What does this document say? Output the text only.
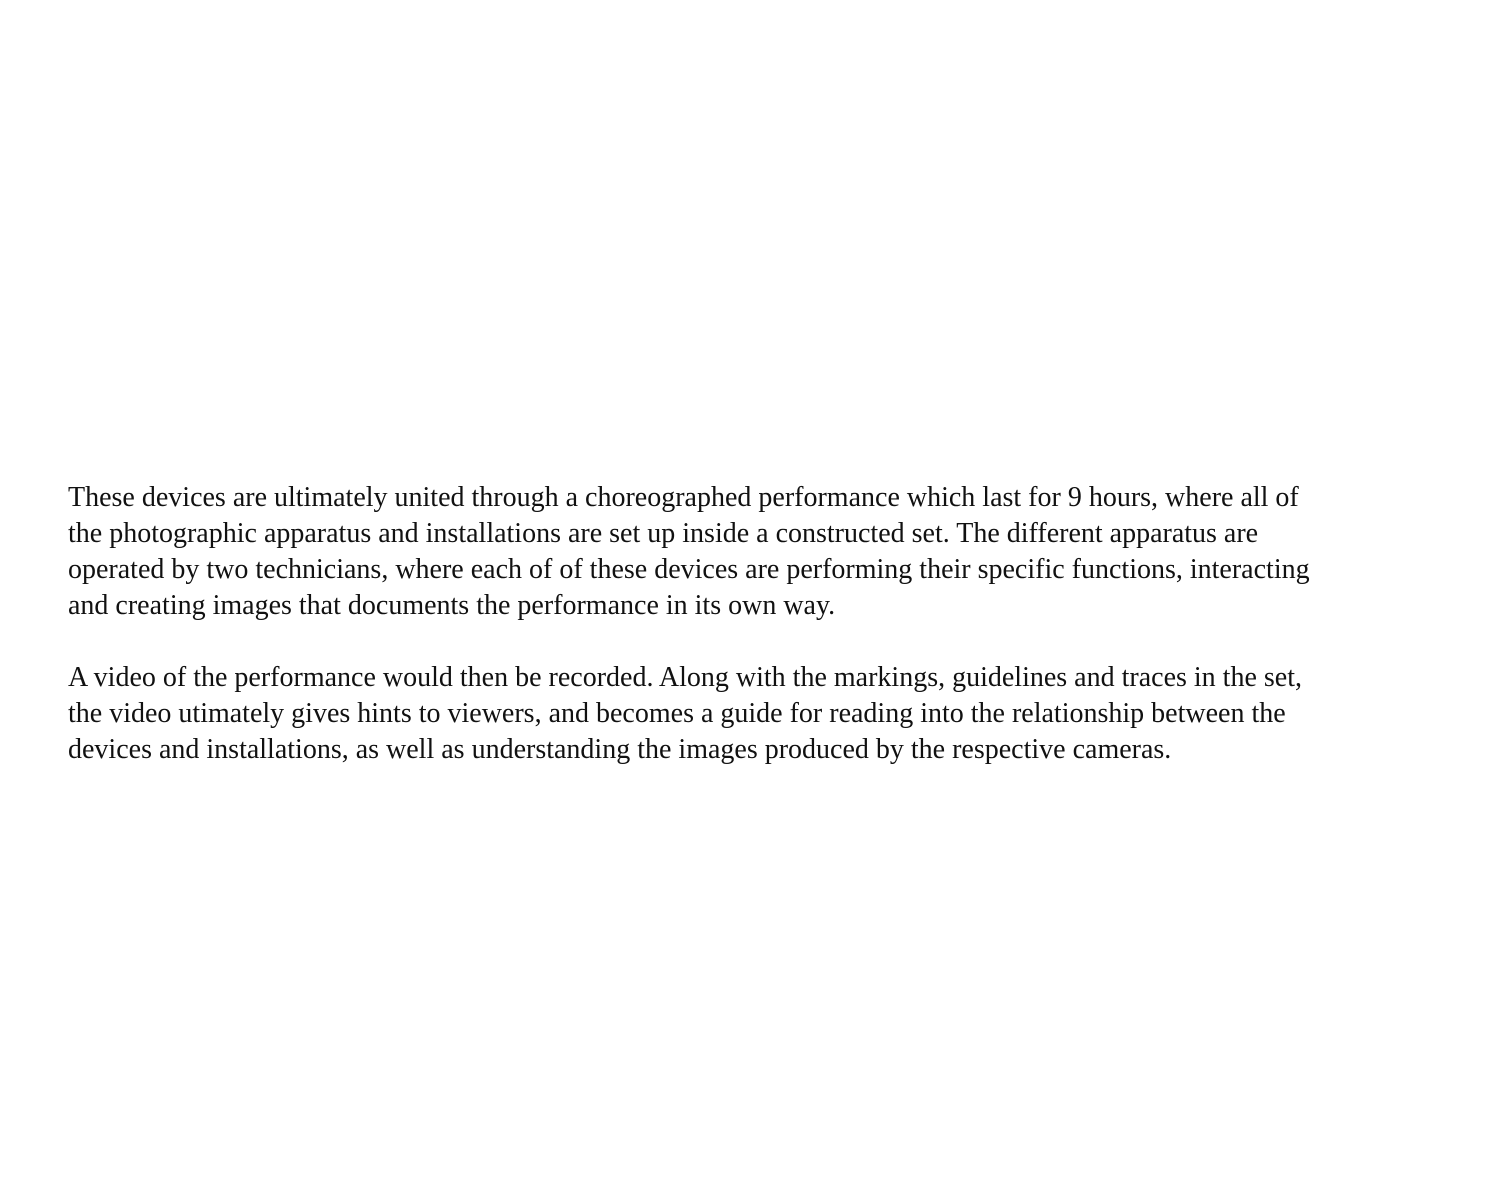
These devices are ultimately united through a choreographed performance which last for 9 hours, where all of
the photographic apparatus and installations are set up inside a constructed set. The different apparatus are
operated by two technicians, where each of of these devices are performing their specific functions, interacting
and creating images that documents the performance in its own way.

A video of the performance would then be recorded. Along with the markings, guidelines and traces in the set,
the video utimately gives hints to viewers, and becomes a guide for reading into the relationship between the
devices and installations, as well as understanding the images produced by the respective cameras.
